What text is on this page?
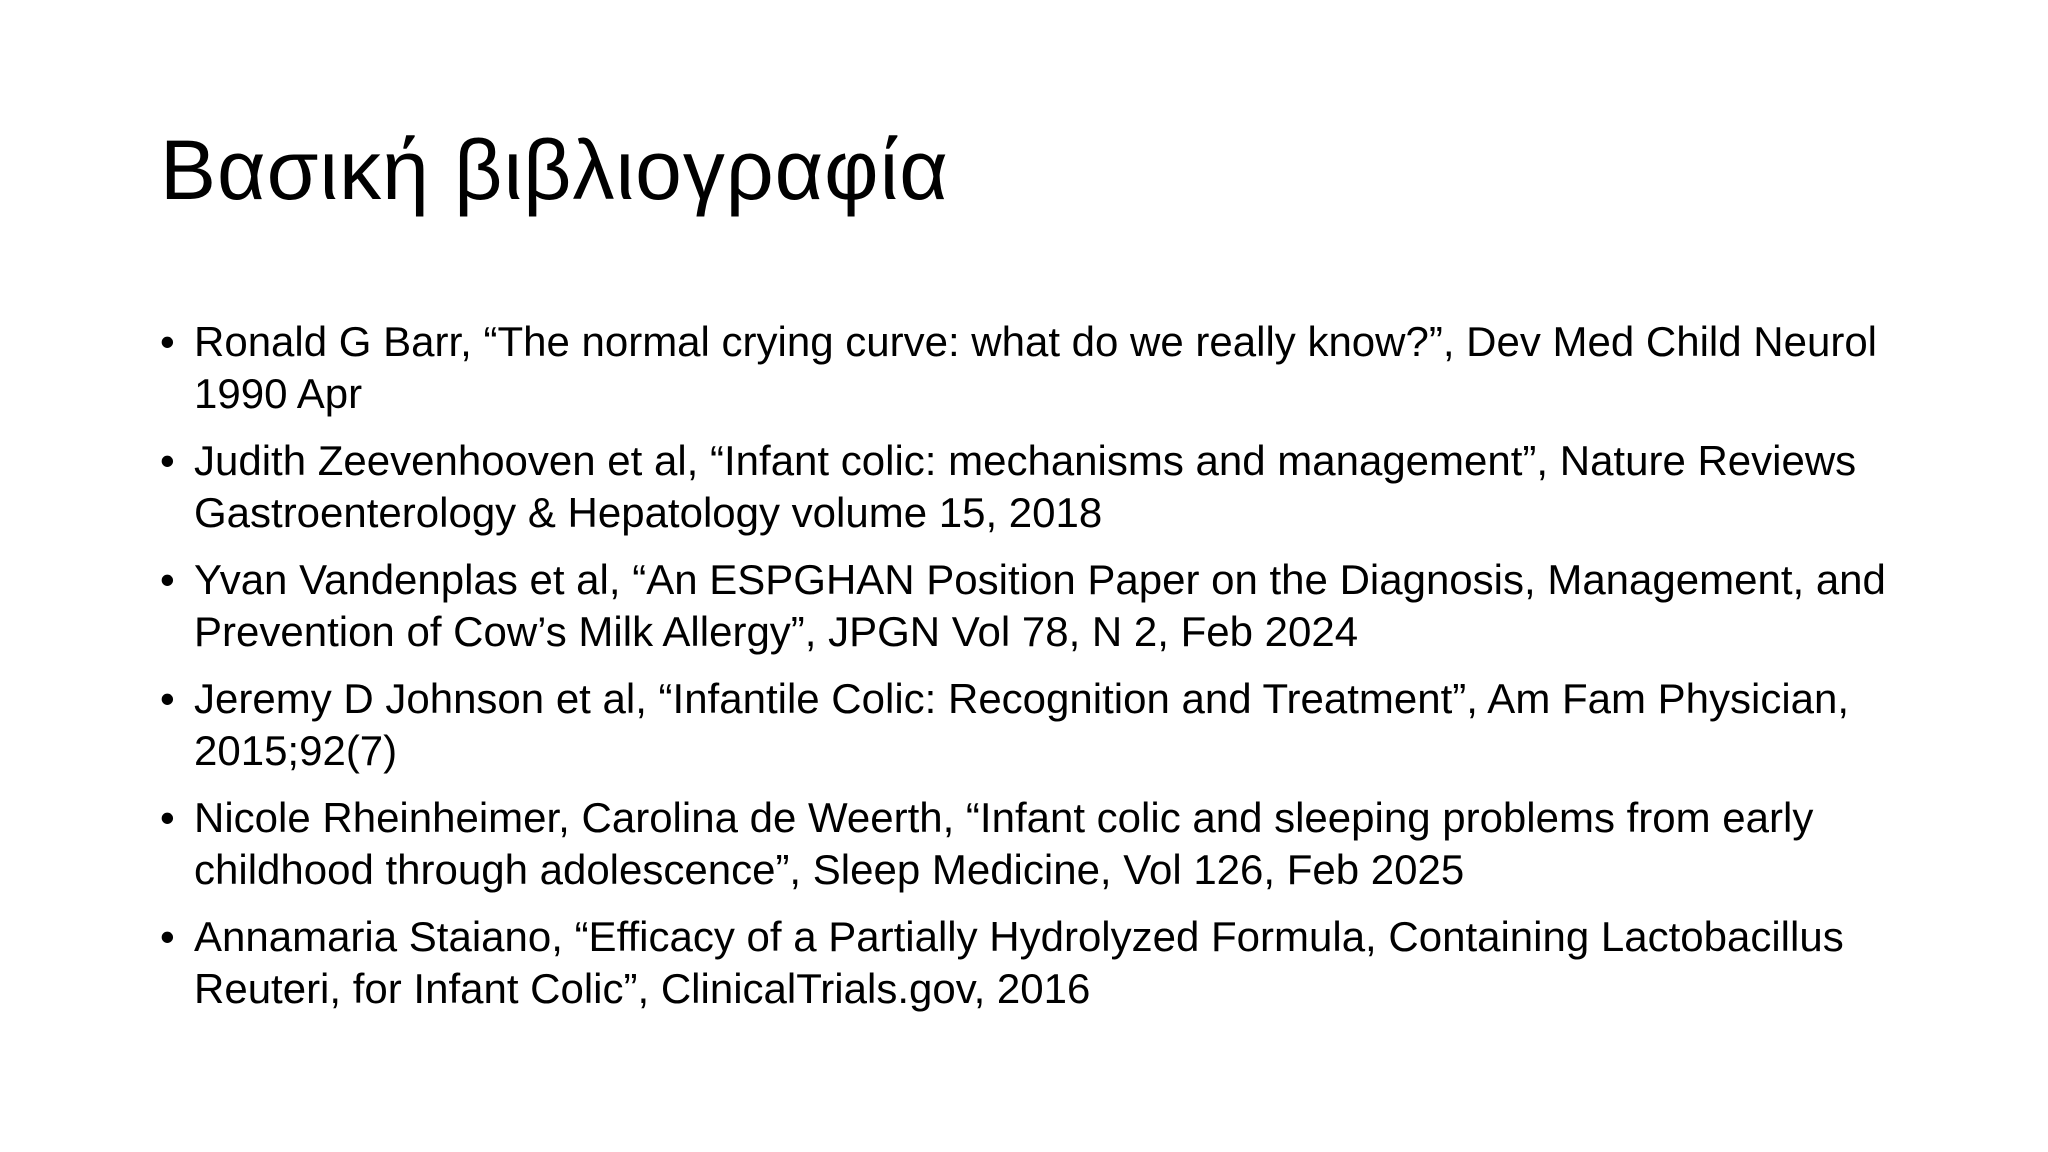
Βασική βιβλιογραφία
• Ronald G Barr, “The normal crying curve: what do we really know?”, Dev Med Child Neurol 1990 Apr
• Judith Zeevenhooven et al, “Infant colic: mechanisms and management”, Nature Reviews Gastroenterology & Hepatology volume 15, 2018
• Yvan Vandenplas et al, “An ESPGHAN Position Paper on the Diagnosis, Management, and Prevention of Cow’s Milk Allergy”, JPGN Vol 78, N 2, Feb 2024
• Jeremy D Johnson et al, “Infantile Colic: Recognition and Treatment”, Am Fam Physician, 2015;92(7)
• Nicole Rheinheimer, Carolina de Weerth, “Infant colic and sleeping problems from early childhood through adolescence”, Sleep Medicine, Vol 126, Feb 2025
• Annamaria Staiano, “Efficacy of a Partially Hydrolyzed Formula, Containing Lactobacillus Reuteri, for Infant Colic”, ClinicalTrials.gov, 2016
